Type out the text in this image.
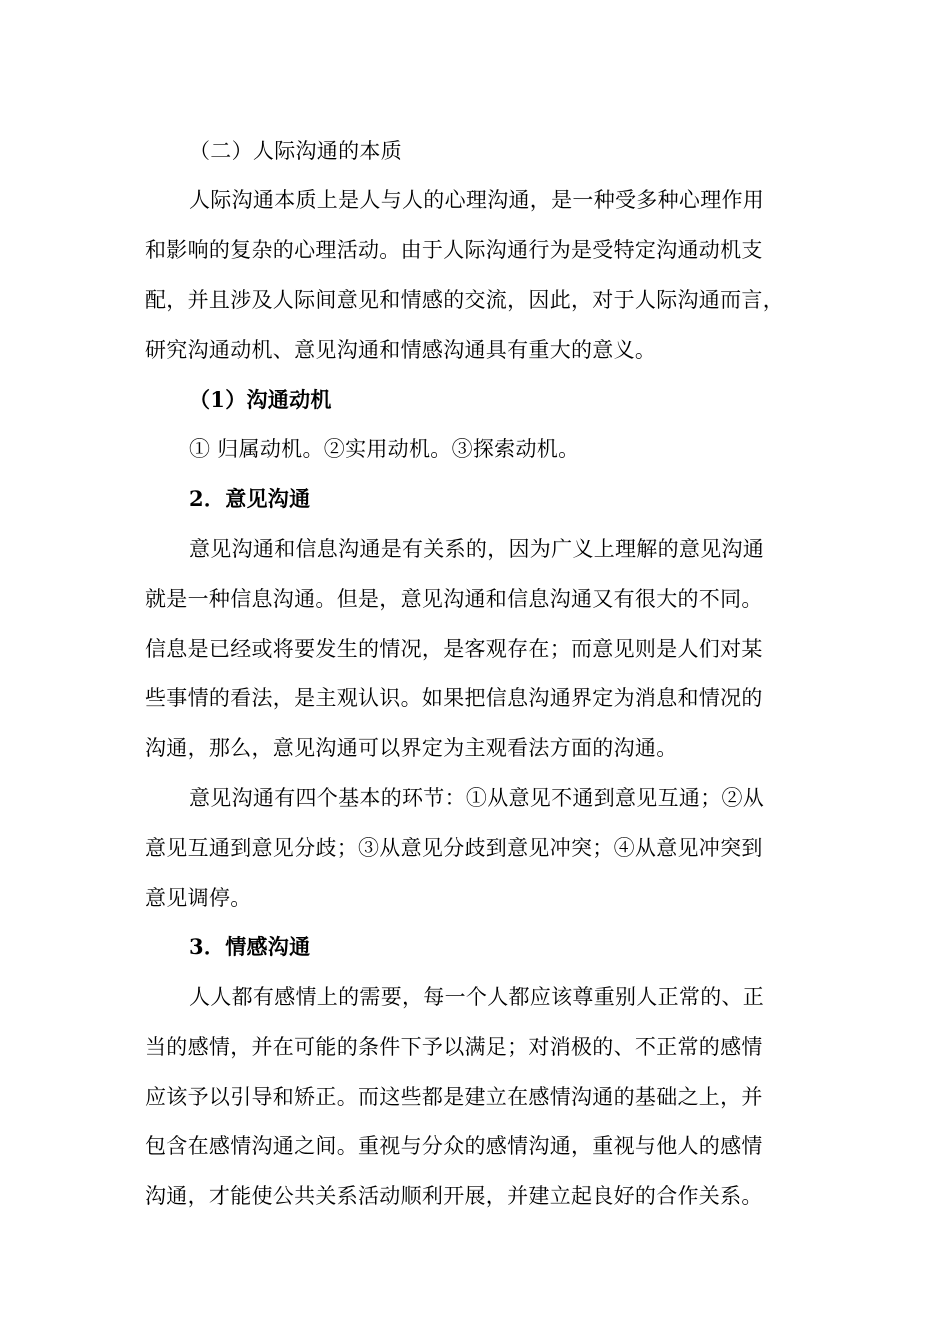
（二）人际沟通的本质
人际沟通本质上是人与人的心理沟通，是一种受多种心理作用
和影响的复杂的心理活动。由于人际沟通行为是受特定沟通动机支
配，并且涉及人际间意见和情感的交流，因此，对于人际沟通而言，
研究沟通动机、意见沟通和情感沟通具有重大的意义。
（1）沟通动机
① 归属动机。②实用动机。③探索动机。
2．意见沟通
意见沟通和信息沟通是有关系的，因为广义上理解的意见沟通
就是一种信息沟通。但是，意见沟通和信息沟通又有很大的不同。
信息是已经或将要发生的情况，是客观存在；而意见则是人们对某
些事情的看法，是主观认识。如果把信息沟通界定为消息和情况的
沟通，那么，意见沟通可以界定为主观看法方面的沟通。
意见沟通有四个基本的环节：①从意见不通到意见互通；②从
意见互通到意见分歧；③从意见分歧到意见冲突；④从意见冲突到
意见调停。
3．情感沟通
人人都有感情上的需要，每一个人都应该尊重别人正常的、正
当的感情，并在可能的条件下予以满足；对消极的、不正常的感情
应该予以引导和矫正。而这些都是建立在感情沟通的基础之上，并
包含在感情沟通之间。重视与分众的感情沟通，重视与他人的感情
沟通，才能使公共关系活动顺利开展，并建立起良好的合作关系。
